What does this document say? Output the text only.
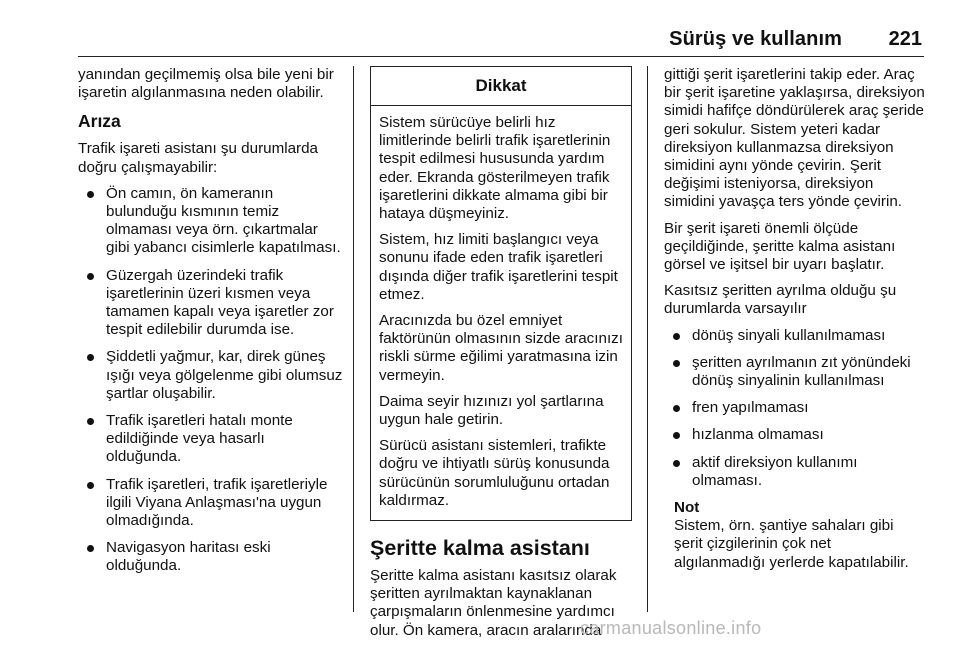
Sürüş ve kullanım 221

yanından geçilmemiş olsa bile yeni bir işaretin algılanmasına neden olabilir.

Arıza

Trafik işareti asistanı şu durumlarda doğru çalışmayabilir:

Ön camın, ön kameranın bulunduğu kısmının temiz olmaması veya örn. çıkartmalar gibi yabancı cisimlerle kapatılması.
Güzergah üzerindeki trafik işaretlerinin üzeri kısmen veya tamamen kapalı veya işaretler zor tespit edilebilir durumda ise.
Şiddetli yağmur, kar, direk güneş ışığı veya gölgelenme gibi olumsuz şartlar oluşabilir.
Trafik işaretleri hatalı monte edildiğinde veya hasarlı olduğunda.
Trafik işaretleri, trafik işaretleriyle ilgili Viyana Anlaşması'na uygun olmadığında.
Navigasyon haritası eski olduğunda.
Dikkat

Sistem sürücüye belirli hız limitlerinde belirli trafik işaretlerinin tespit edilmesi hususunda yardım eder. Ekranda gösterilmeyen trafik işaretlerini dikkate almama gibi bir hataya düşmeyiniz.

Sistem, hız limiti başlangıcı veya sonunu ifade eden trafik işaretleri dışında diğer trafik işaretlerini tespit etmez.

Aracınızda bu özel emniyet faktörünün olmasının sizde aracınızı riskli sürme eğilimi yaratmasına izin vermeyin.

Daima seyir hızınızı yol şartlarına uygun hale getirin.

Sürücü asistanı sistemleri, trafikte doğru ve ihtiyatlı sürüş konusunda sürücünün sorumluluğunu ortadan kaldırmaz.

Şeritte kalma asistanı

Şeritte kalma asistanı kasıtsız olarak şeritten ayrılmaktan kaynaklanan çarpışmaların önlenmesine yardımcı olur. Ön kamera, aracın aralarında

gittiği şerit işaretlerini takip eder. Araç bir şerit işaretine yaklaşırsa, direksiyon simidi hafifçe döndürülerek araç şeride geri sokulur. Sistem yeteri kadar direksiyon kullanmazsa direksiyon simidini aynı yönde çevirin. Şerit değişimi isteniyorsa, direksiyon simidini yavaşça ters yönde çevirin.

Bir şerit işareti önemli ölçüde geçildiğinde, şeritte kalma asistanı görsel ve işitsel bir uyarı başlatır.

Kasıtsız şeritten ayrılma olduğu şu durumlarda varsayılır

dönüş sinyali kullanılmaması
şeritten ayrılmanın zıt yönündeki dönüş sinyalinin kullanılması
fren yapılmaması
hızlanma olmaması
aktif direksiyon kullanımı olmaması.
Not
Sistem, örn. şantiye sahaları gibi şerit çizgilerinin çok net algılanmadığı yerlerde kapatılabilir.
carmanualsonline.info
